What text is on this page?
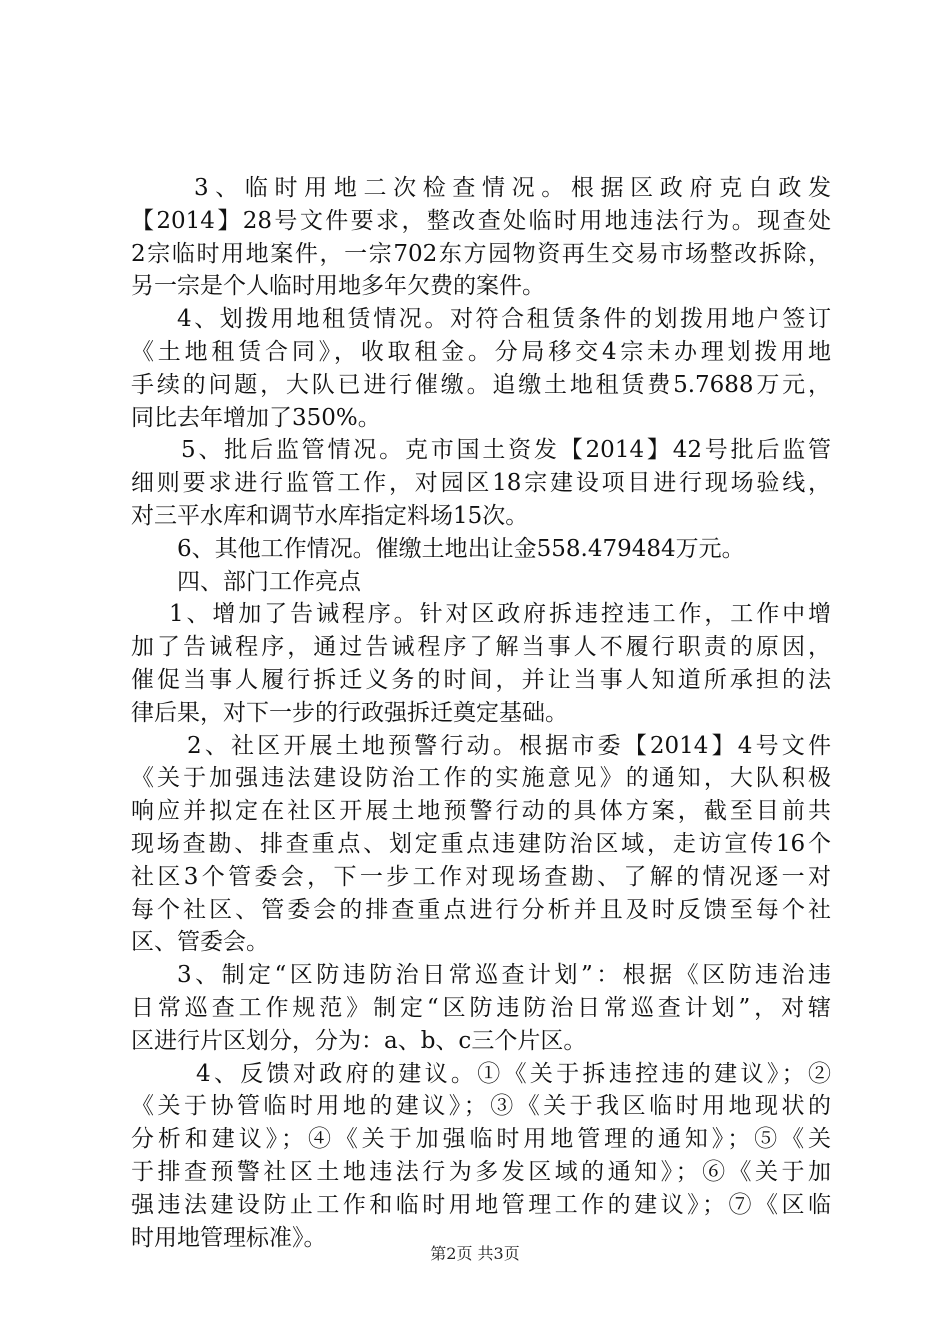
3、临时用地二次检查情况。根据区政府克白政发
【2014】28号文件要求，整改查处临时用地违法行为。现查处
2宗临时用地案件，一宗702东方园物资再生交易市场整改拆除，
另一宗是个人临时用地多年欠费的案件。
4、划拨用地租赁情况。对符合租赁条件的划拨用地户签订
《土地租赁合同》，收取租金。分局移交4宗未办理划拨用地
手续的问题，大队已进行催缴。追缴土地租赁费5.7688万元，
同比去年增加了350%。
5、批后监管情况。克市国土资发【2014】42号批后监管
细则要求进行监管工作，对园区18宗建设项目进行现场验线，
对三平水库和调节水库指定料场15次。
6、其他工作情况。催缴土地出让金558.479484万元。
四、部门工作亮点
1、增加了告诫程序。针对区政府拆违控违工作，工作中增
加了告诫程序，通过告诫程序了解当事人不履行职责的原因，
催促当事人履行拆迁义务的时间，并让当事人知道所承担的法
律后果，对下一步的行政强拆迁奠定基础。
2、社区开展土地预警行动。根据市委【2014】4号文件
《关于加强违法建设防治工作的实施意见》的通知，大队积极
响应并拟定在社区开展土地预警行动的具体方案，截至目前共
现场查勘、排查重点、划定重点违建防治区域，走访宣传16个
社区3个管委会，下一步工作对现场查勘、了解的情况逐一对
每个社区、管委会的排查重点进行分析并且及时反馈至每个社
区、管委会。
3、制定“区防违防治日常巡查计划”：根据《区防违治违
日常巡查工作规范》制定“区防违防治日常巡查计划”，对辖
区进行片区划分，分为：a、b、c三个片区。
4、反馈对政府的建议。①《关于拆违控违的建议》；②
《关于协管临时用地的建议》；③《关于我区临时用地现状的
分析和建议》；④《关于加强临时用地管理的通知》；⑤《关
于排查预警社区土地违法行为多发区域的通知》；⑥《关于加
强违法建设防止工作和临时用地管理工作的建议》；⑦《区临
时用地管理标准》。
第2页 共3页
